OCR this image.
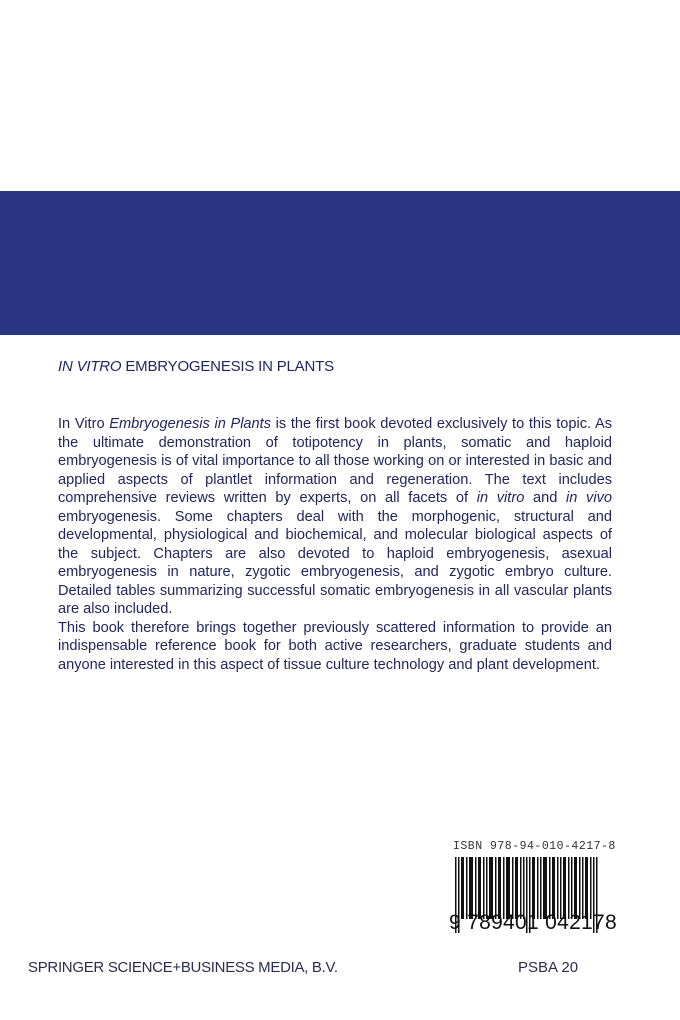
IN VITRO EMBRYOGENESIS IN PLANTS

In Vitro Embryogenesis in Plants is the first book devoted exclusively to this topic. As the ultimate demonstration of totipotency in plants, somatic and haploid embryogenesis is of vital importance to all those working on or interested in basic and applied aspects of plantlet information and regeneration. The text includes comprehensive reviews written by experts, on all facets of in vitro and in vivo embryogenesis. Some chapters deal with the morphogenic, structural and developmental, physiological and biochemical, and molecular biological aspects of the subject. Chapters are also devoted to haploid embryogenesis, asexual embryogenesis in nature, zygotic embryogenesis, and zygotic embryo culture. Detailed tables summarizing successful somatic embryogenesis in all vascular plants are also included.

This book therefore brings together previously scattered information to provide an indispensable reference book for both active researchers, graduate students and anyone interested in this aspect of tissue culture technology and plant development.

ISBN 978-94-010-4217-8
9 789401 042178
SPRINGER SCIENCE+BUSINESS MEDIA, B.V.	PSBA 20
